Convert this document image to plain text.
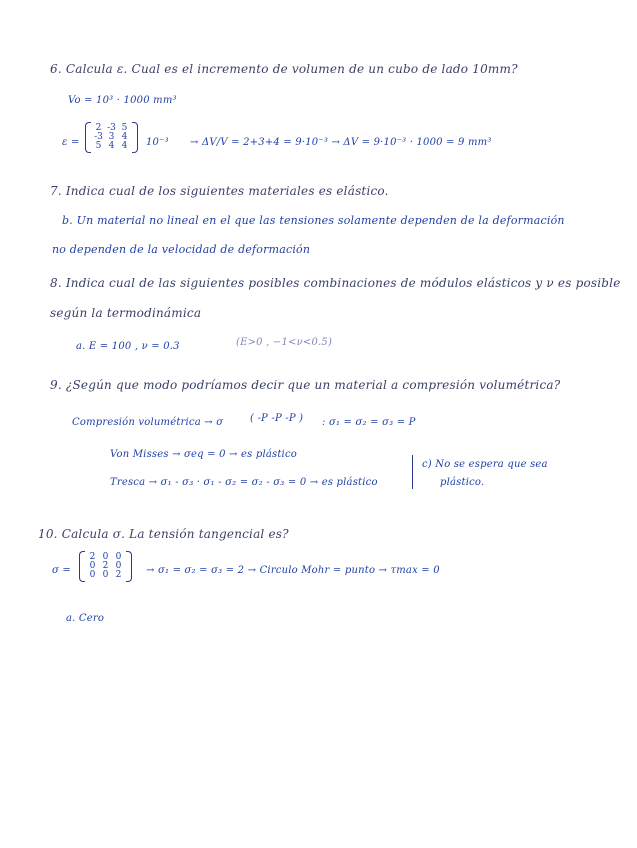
6. Calcula ε. Cual es el incremento de volumen de un cubo de lado 10mm?
Vo = 10³ · 1000 mm³
ε =
2 -3 5
-3 3 4
5 4 4	10⁻³ → ΔV/V = 2+3+4 = 9·10⁻³ → ΔV = 9·10⁻³ · 1000 = 9 mm³
7. Indica cual de los siguientes materiales es elástico.
b. Un material no lineal en el que las tensiones solamente dependen de la deformación
no dependen de la velocidad de deformación
8. Indica cual de las siguientes posibles combinaciones de módulos elásticos y ν es posible
según la termodinámica
a. E = 100 , ν = 0.3	(E>0 , −1<ν<0.5)
9. ¿Según que modo podríamos decir que un material a compresión volumétrica?
Compresión volumétrica → σ	( -P -P -P ) : σ₁ = σ₂ = σ₃ = P
Von Misses → σeq = 0 → es plástico
Tresca → σ₁ - σ₃ · σ₁ - σ₂ = σ₂ - σ₃ = 0 → es plástico
c) No se espera que sea
plástico.
10. Calcula σ. La tensión tangencial es?
σ =
2 0 0
0 2 0
0 0 2	→ σ₁ = σ₂ = σ₃ = 2 → Circulo Mohr = punto → τmax = 0
a. Cero
